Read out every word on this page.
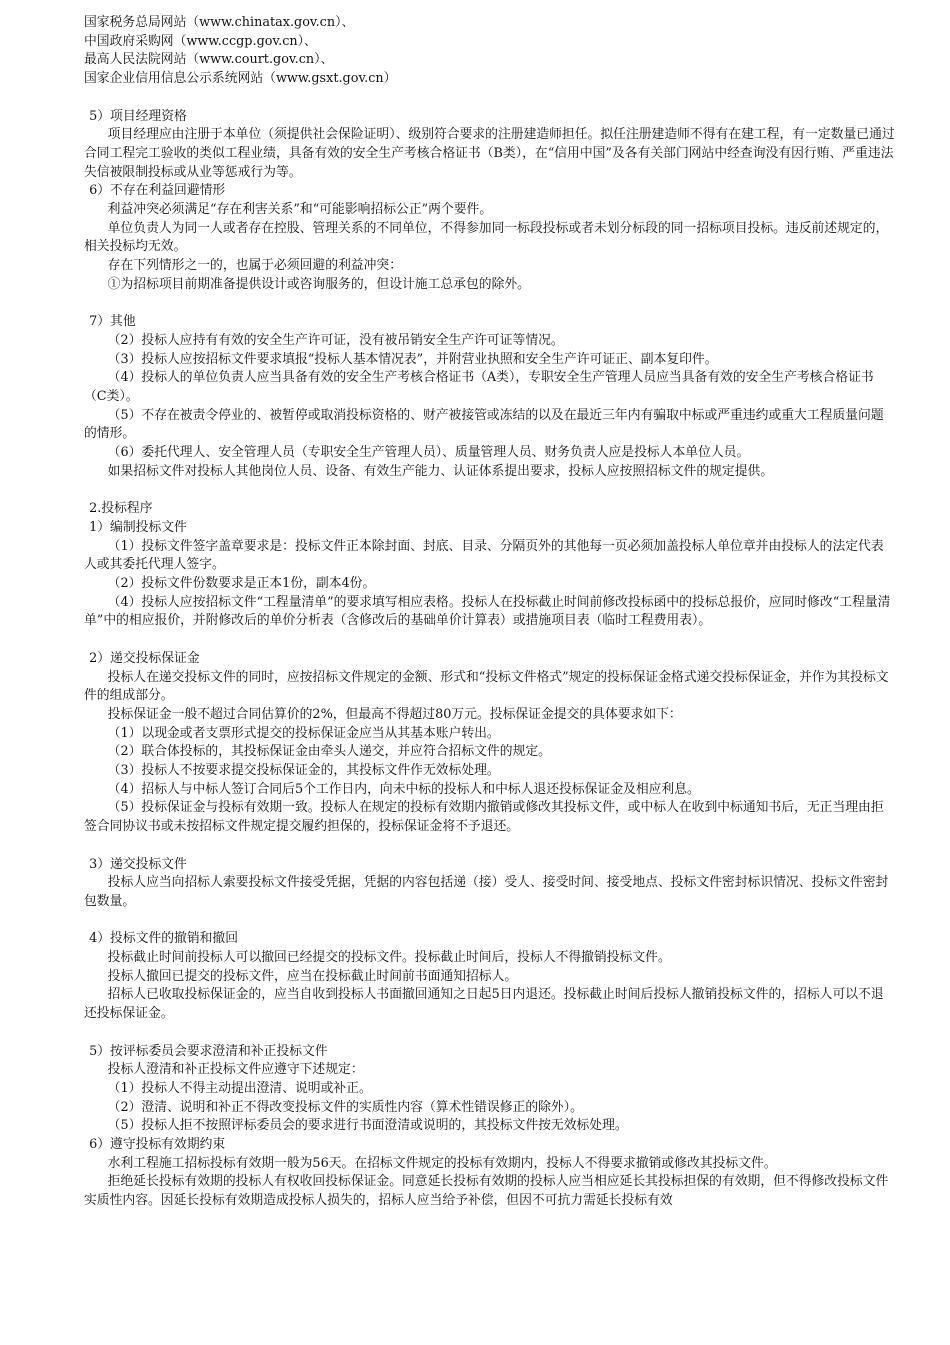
国家税务总局网站（www.chinatax.gov.cn）、
中国政府采购网（www.ccgp.gov.cn）、
最高人民法院网站（www.court.gov.cn）、
国家企业信用信息公示系统网站（www.gsxt.gov.cn）
5）项目经理资格
项目经理应由注册于本单位（须提供社会保险证明）、级别符合要求的注册建造师担任。拟任注册建造师不得有在建工程，有一定数量已通过合同工程完工验收的类似工程业绩，具备有效的安全生产考核合格证书（B类），在“信用中国”及各有关部门网站中经查询没有因行贿、严重违法失信被限制投标或从业等惩戒行为等。
6）不存在利益回避情形
利益冲突必须满足“存在利害关系”和“可能影响招标公正”两个要件。
单位负责人为同一人或者存在控股、管理关系的不同单位，不得参加同一标段投标或者未划分标段的同一招标项目投标。违反前述规定的，相关投标均无效。
存在下列情形之一的，也属于必须回避的利益冲突：
①为招标项目前期准备提供设计或咨询服务的，但设计施工总承包的除外。
7）其他
（2）投标人应持有有效的安全生产许可证，没有被吊销安全生产许可证等情况。
（3）投标人应按招标文件要求填报“投标人基本情况表”，并附营业执照和安全生产许可证正、副本复印件。
（4）投标人的单位负责人应当具备有效的安全生产考核合格证书（A类），专职安全生产管理人员应当具备有效的安全生产考核合格证书（C类）。
（5）不存在被责令停业的、被暂停或取消投标资格的、财产被接管或冻结的以及在最近三年内有骗取中标或严重违约或重大工程质量问题的情形。
（6）委托代理人、安全管理人员（专职安全生产管理人员）、质量管理人员、财务负责人应是投标人本单位人员。
如果招标文件对投标人其他岗位人员、设备、有效生产能力、认证体系提出要求，投标人应按照招标文件的规定提供。
2.投标程序
1）编制投标文件
（1）投标文件签字盖章要求是：投标文件正本除封面、封底、目录、分隔页外的其他每一页必须加盖投标人单位章并由投标人的法定代表人或其委托代理人签字。
（2）投标文件份数要求是正本1份，副本4份。
（4）投标人应按招标文件“工程量清单”的要求填写相应表格。投标人在投标截止时间前修改投标函中的投标总报价，应同时修改“工程量清单”中的相应报价，并附修改后的单价分析表（含修改后的基础单价计算表）或措施项目表（临时工程费用表）。
2）递交投标保证金
投标人在递交投标文件的同时，应按招标文件规定的金额、形式和“投标文件格式”规定的投标保证金格式递交投标保证金，并作为其投标文件的组成部分。
投标保证金一般不超过合同估算价的2%，但最高不得超过80万元。投标保证金提交的具体要求如下：
（1）以现金或者支票形式提交的投标保证金应当从其基本账户转出。
（2）联合体投标的，其投标保证金由牵头人递交，并应符合招标文件的规定。
（3）投标人不按要求提交投标保证金的，其投标文件作无效标处理。
（4）招标人与中标人签订合同后5个工作日内，向未中标的投标人和中标人退还投标保证金及相应利息。
（5）投标保证金与投标有效期一致。投标人在规定的投标有效期内撤销或修改其投标文件，或中标人在收到中标通知书后，无正当理由拒签合同协议书或未按招标文件规定提交履约担保的，投标保证金将不予退还。
3）递交投标文件
投标人应当向招标人索要投标文件接受凭据，凭据的内容包括递（接）受人、接受时间、接受地点、投标文件密封标识情况、投标文件密封包数量。
4）投标文件的撤销和撤回
投标截止时间前投标人可以撤回已经提交的投标文件。投标截止时间后，投标人不得撤销投标文件。
投标人撤回已提交的投标文件，应当在投标截止时间前书面通知招标人。
招标人已收取投标保证金的，应当自收到投标人书面撤回通知之日起5日内退还。投标截止时间后投标人撤销投标文件的，招标人可以不退还投标保证金。
5）按评标委员会要求澄清和补正投标文件
投标人澄清和补正投标文件应遵守下述规定：
（1）投标人不得主动提出澄清、说明或补正。
（2）澄清、说明和补正不得改变投标文件的实质性内容（算术性错误修正的除外）。
（5）投标人拒不按照评标委员会的要求进行书面澄清或说明的，其投标文件按无效标处理。
6）遵守投标有效期约束
水利工程施工招标投标有效期一般为56天。在招标文件规定的投标有效期内，投标人不得要求撤销或修改其投标文件。
拒绝延长投标有效期的投标人有权收回投标保证金。同意延长投标有效期的投标人应当相应延长其投标担保的有效期，但不得修改投标文件实质性内容。因延长投标有效期造成投标人损失的，招标人应当给予补偿，但因不可抗力需延长投标有效
